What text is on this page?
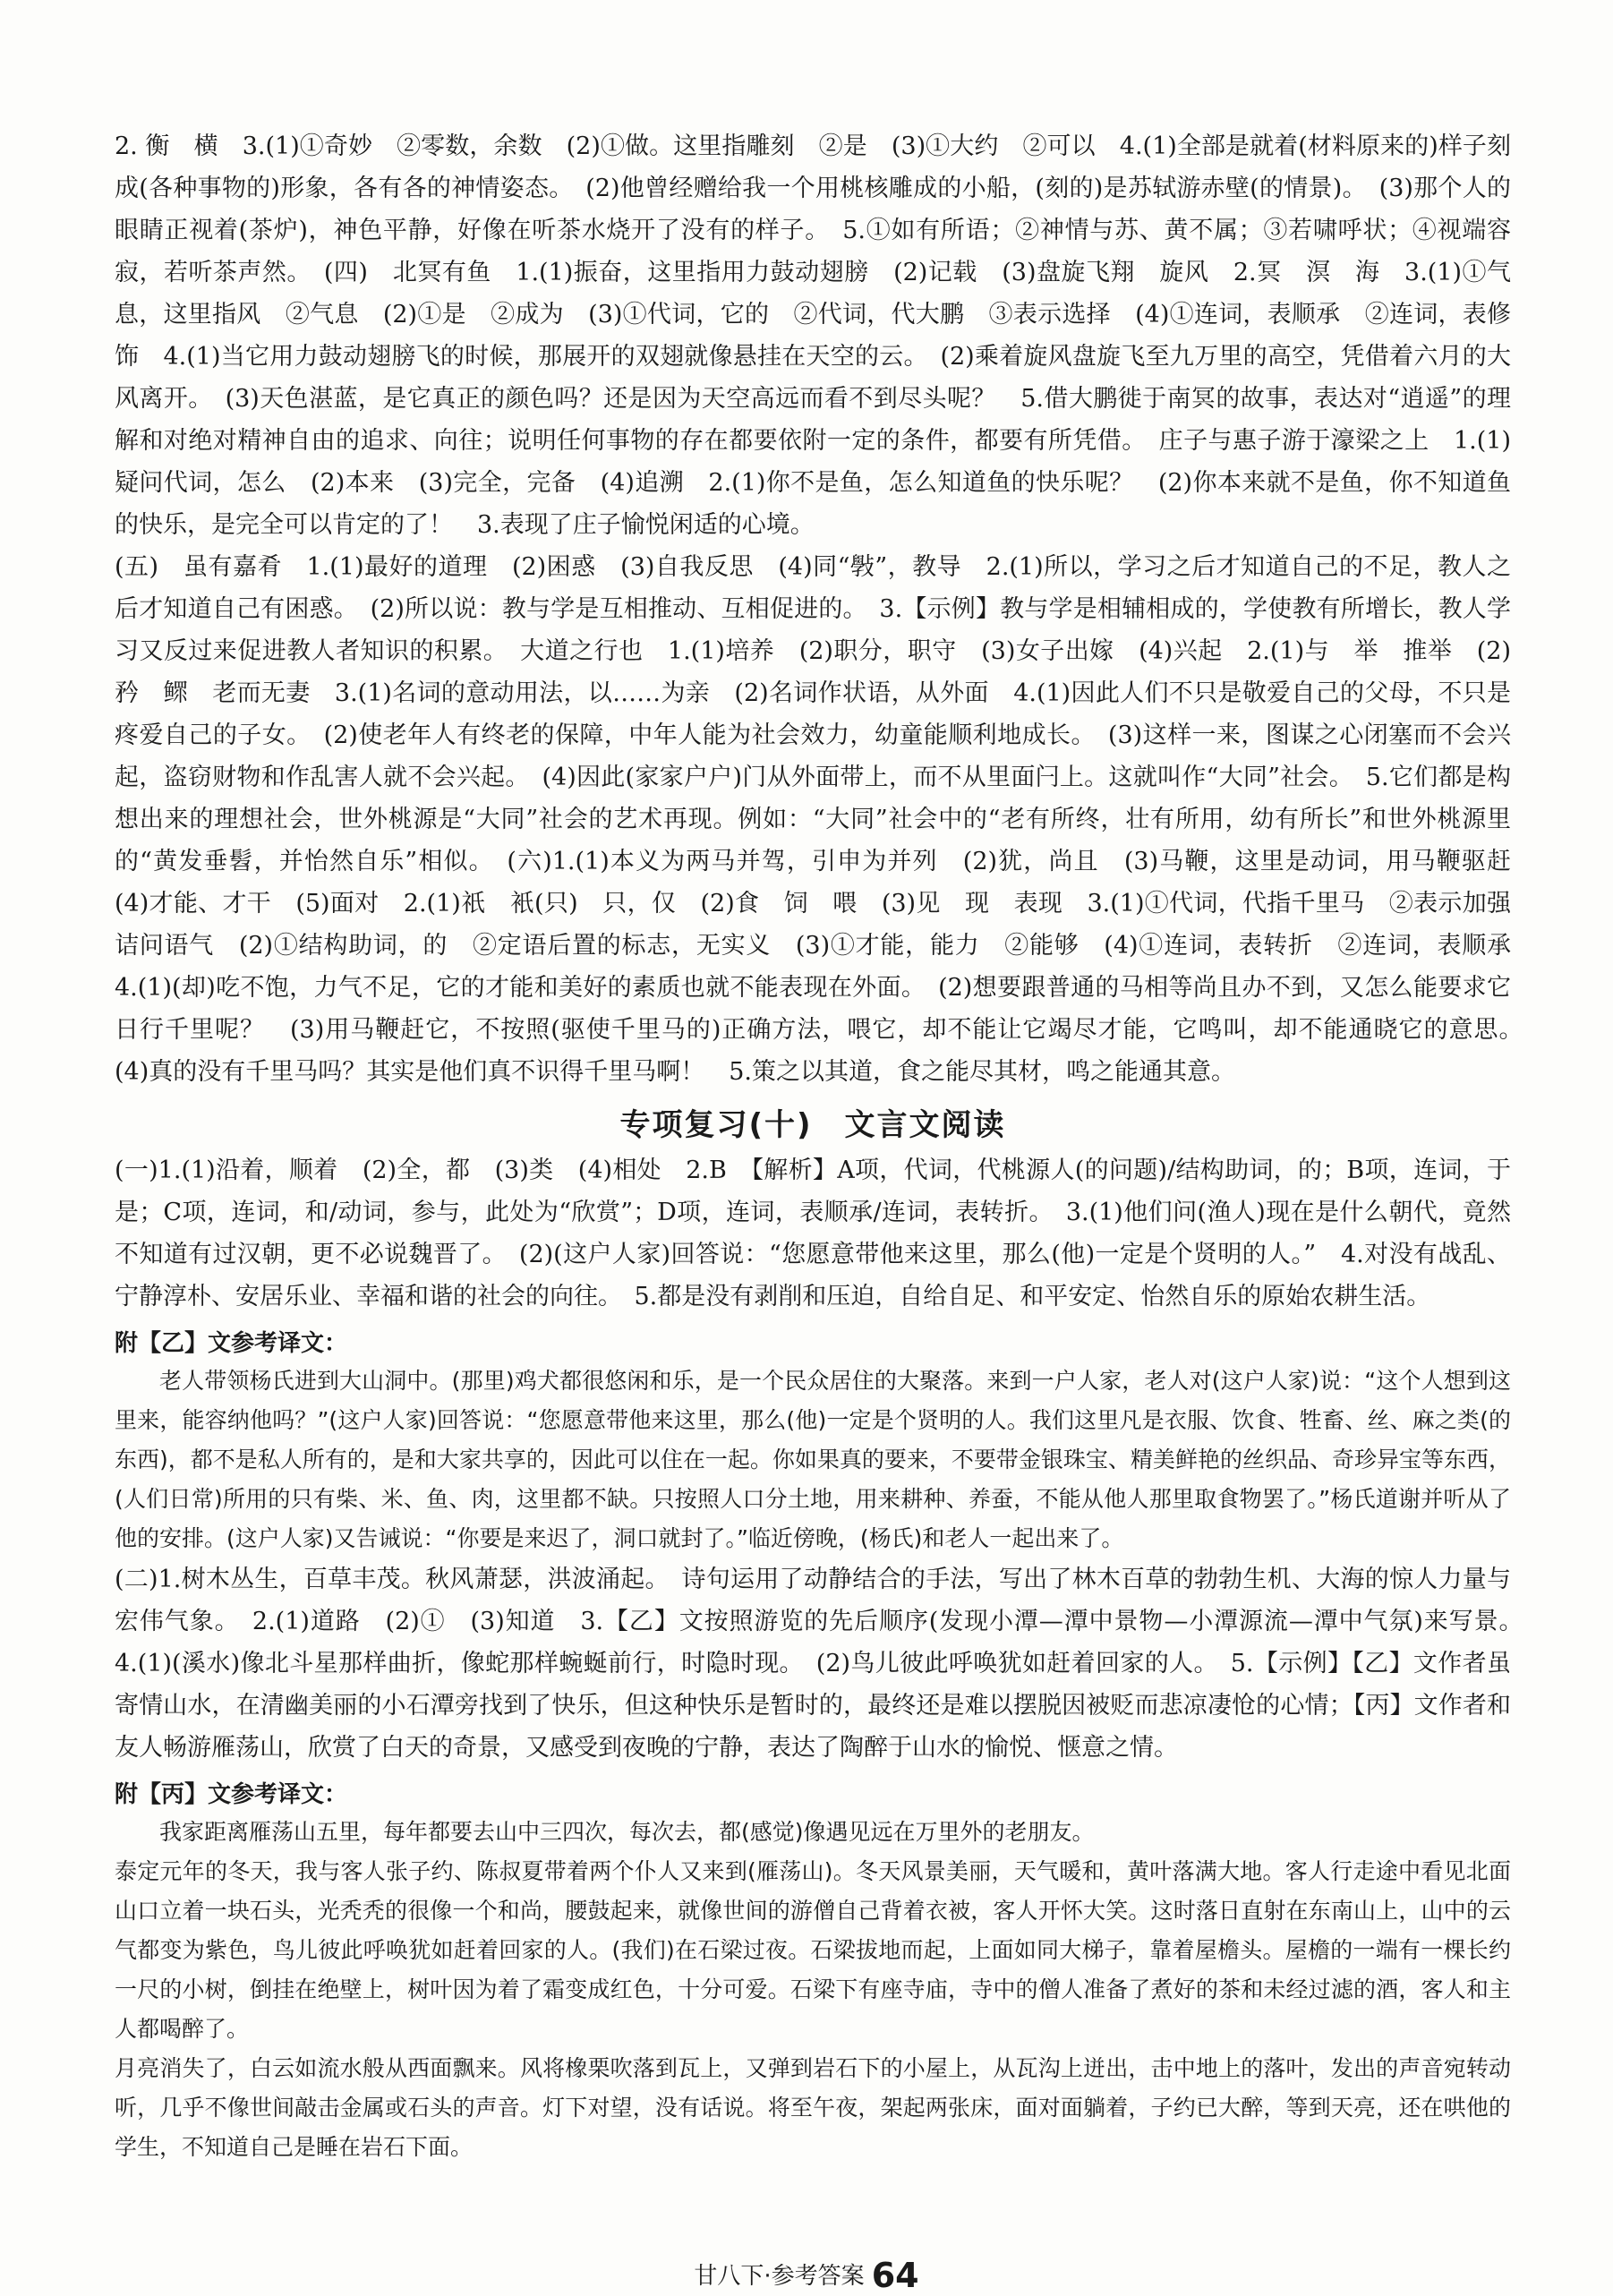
2. 衡　横　3.(1)①奇妙　②零数，余数　(2)①做。这里指雕刻　②是　(3)①大约　②可以　4.(1)全部是就着(材料原来的)样子刻成(各种事物的)形象，各有各的神情姿态。　(2)他曾经赠给我一个用桃核雕成的小船，(刻的)是苏轼游赤壁(的情景)。　(3)那个人的眼睛正视着(茶炉)，神色平静，好像在听茶水烧开了没有的样子。　5.①如有所语；②神情与苏、黄不属；③若啸呼状；④视端容寂，若听茶声然。　(四)　北冥有鱼　1.(1)振奋，这里指用力鼓动翅膀　(2)记载　(3)盘旋飞翔　旋风　2.冥　溟　海　3.(1)①气息，这里指风　②气息　(2)①是　②成为　(3)①代词，它的　②代词，代大鹏　③表示选择　(4)①连词，表顺承　②连词，表修饰　4.(1)当它用力鼓动翅膀飞的时候，那展开的双翅就像悬挂在天空的云。　(2)乘着旋风盘旋飞至九万里的高空，凭借着六月的大风离开。　(3)天色湛蓝，是它真正的颜色吗？还是因为天空高远而看不到尽头呢？　5.借大鹏徙于南冥的故事，表达对“逍遥”的理解和对绝对精神自由的追求、向往；说明任何事物的存在都要依附一定的条件，都要有所凭借。　庄子与惠子游于濠梁之上　1.(1)疑问代词，怎么　(2)本来　(3)完全，完备　(4)追溯　2.(1)你不是鱼，怎么知道鱼的快乐呢？　(2)你本来就不是鱼，你不知道鱼的快乐，是完全可以肯定的了！　3.表现了庄子愉悦闲适的心境。

(五)　虽有嘉肴　1.(1)最好的道理　(2)困惑　(3)自我反思　(4)同“斅”，教导　2.(1)所以，学习之后才知道自己的不足，教人之后才知道自己有困惑。　(2)所以说：教与学是互相推动、互相促进的。　3.【示例】教与学是相辅相成的，学使教有所增长，教人学习又反过来促进教人者知识的积累。　大道之行也　1.(1)培养　(2)职分，职守　(3)女子出嫁　(4)兴起　2.(1)与　举　推举　(2)矜　鳏　老而无妻　3.(1)名词的意动用法，以……为亲　(2)名词作状语，从外面　4.(1)因此人们不只是敬爱自己的父母，不只是疼爱自己的子女。　(2)使老年人有终老的保障，中年人能为社会效力，幼童能顺利地成长。　(3)这样一来，图谋之心闭塞而不会兴起，盗窃财物和作乱害人就不会兴起。　(4)因此(家家户户)门从外面带上，而不从里面闩上。这就叫作“大同”社会。　5.它们都是构想出来的理想社会，世外桃源是“大同”社会的艺术再现。例如：“大同”社会中的“老有所终，壮有所用，幼有所长”和世外桃源里的“黄发垂髫，并怡然自乐”相似。　(六)1.(1)本义为两马并驾，引申为并列　(2)犹，尚且　(3)马鞭，这里是动词，用马鞭驱赶　(4)才能、才干　(5)面对　2.(1)祇　衹(只)　只，仅　(2)食　饲　喂　(3)见　现　表现　3.(1)①代词，代指千里马　②表示加强诘问语气　(2)①结构助词，的　②定语后置的标志，无实义　(3)①才能，能力　②能够　(4)①连词，表转折　②连词，表顺承　4.(1)(却)吃不饱，力气不足，它的才能和美好的素质也就不能表现在外面。　(2)想要跟普通的马相等尚且办不到，又怎么能要求它日行千里呢？　(3)用马鞭赶它，不按照(驱使千里马的)正确方法，喂它，却不能让它竭尽才能，它鸣叫，却不能通晓它的意思。　(4)真的没有千里马吗？其实是他们真不识得千里马啊！　5.策之以其道，食之能尽其材，鸣之能通其意。

专项复习(十)　文言文阅读

(一)1.(1)沿着，顺着　(2)全，都　(3)类　(4)相处　2.B　【解析】A项，代词，代桃源人(的问题)/结构助词，的；B项，连词，于是；C项，连词，和/动词，参与，此处为“欣赏”；D项，连词，表顺承/连词，表转折。　3.(1)他们问(渔人)现在是什么朝代，竟然不知道有过汉朝，更不必说魏晋了。　(2)(这户人家)回答说：“您愿意带他来这里，那么(他)一定是个贤明的人。”　4.对没有战乱、宁静淳朴、安居乐业、幸福和谐的社会的向往。　5.都是没有剥削和压迫，自给自足、和平安定、怡然自乐的原始农耕生活。

附【乙】文参考译文：

老人带领杨氏进到大山洞中。(那里)鸡犬都很悠闲和乐，是一个民众居住的大聚落。来到一户人家，老人对(这户人家)说：“这个人想到这里来，能容纳他吗？”(这户人家)回答说：“您愿意带他来这里，那么(他)一定是个贤明的人。我们这里凡是衣服、饮食、牲畜、丝、麻之类(的东西)，都不是私人所有的，是和大家共享的，因此可以住在一起。你如果真的要来，不要带金银珠宝、精美鲜艳的丝织品、奇珍异宝等东西，(人们日常)所用的只有柴、米、鱼、肉，这里都不缺。只按照人口分土地，用来耕种、养蚕，不能从他人那里取食物罢了。”杨氏道谢并听从了他的安排。(这户人家)又告诫说：“你要是来迟了，洞口就封了。”临近傍晚，(杨氏)和老人一起出来了。

(二)1.树木丛生，百草丰茂。秋风萧瑟，洪波涌起。　诗句运用了动静结合的手法，写出了林木百草的勃勃生机、大海的惊人力量与宏伟气象。　2.(1)道路　(2)①　(3)知道　3.【乙】文按照游览的先后顺序(发现小潭—潭中景物—小潭源流—潭中气氛)来写景。　4.(1)(溪水)像北斗星那样曲折，像蛇那样蜿蜒前行，时隐时现。　(2)鸟儿彼此呼唤犹如赶着回家的人。　5.【示例】【乙】文作者虽寄情山水，在清幽美丽的小石潭旁找到了快乐，但这种快乐是暂时的，最终还是难以摆脱因被贬而悲凉凄怆的心情；【丙】文作者和友人畅游雁荡山，欣赏了白天的奇景，又感受到夜晚的宁静，表达了陶醉于山水的愉悦、惬意之情。

附【丙】文参考译文：

我家距离雁荡山五里，每年都要去山中三四次，每次去，都(感觉)像遇见远在万里外的老朋友。

泰定元年的冬天，我与客人张子约、陈叔夏带着两个仆人又来到(雁荡山)。冬天风景美丽，天气暖和，黄叶落满大地。客人行走途中看见北面山口立着一块石头，光秃秃的很像一个和尚，腰鼓起来，就像世间的游僧自己背着衣被，客人开怀大笑。这时落日直射在东南山上，山中的云气都变为紫色，鸟儿彼此呼唤犹如赶着回家的人。(我们)在石梁过夜。石梁拔地而起，上面如同大梯子，靠着屋檐头。屋檐的一端有一棵长约一尺的小树，倒挂在绝壁上，树叶因为着了霜变成红色，十分可爱。石梁下有座寺庙，寺中的僧人准备了煮好的茶和未经过滤的酒，客人和主人都喝醉了。

月亮消失了，白云如流水般从西面飘来。风将橡栗吹落到瓦上，又弹到岩石下的小屋上，从瓦沟上迸出，击中地上的落叶，发出的声音宛转动听，几乎不像世间敲击金属或石头的声音。灯下对望，没有话说。将至午夜，架起两张床，面对面躺着，子约已大醉，等到天亮，还在哄他的学生，不知道自己是睡在岩石下面。

甘八下·参考答案 64
